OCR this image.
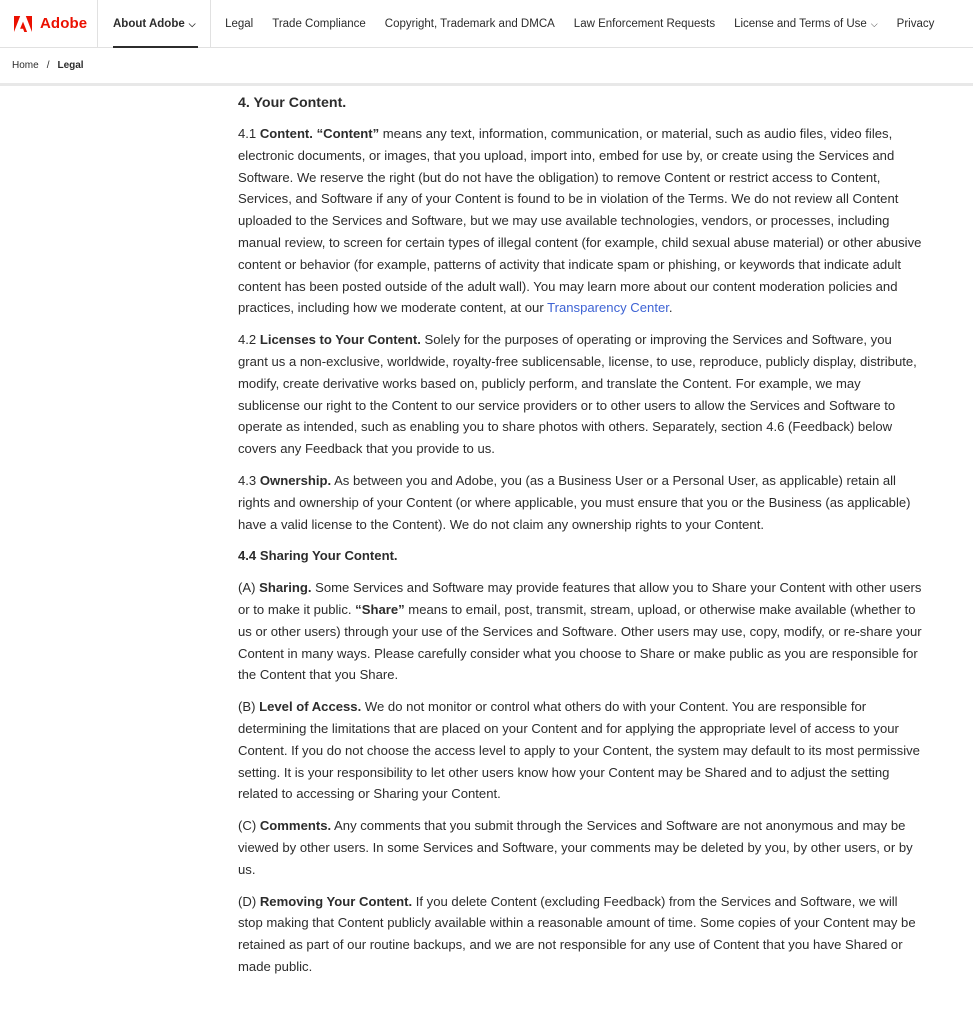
Adobe About Adobe ⌵	Legal Trade Compliance Copyright, Trademark and DMCA Law Enforcement Requests License and Terms of Use ⌵ Privacy
Home / Legal
4. Your Content.

4.1 Content. “Content” means any text, information, communication, or material, such as audio files, video files, electronic documents, or images, that you upload, import into, embed for use by, or create using the Services and Software. We reserve the right (but do not have the obligation) to remove Content or restrict access to Content, Services, and Software if any of your Content is found to be in violation of the Terms. We do not review all Content uploaded to the Services and Software, but we may use available technologies, vendors, or processes, including manual review, to screen for certain types of illegal content (for example, child sexual abuse material) or other abusive content or behavior (for example, patterns of activity that indicate spam or phishing, or keywords that indicate adult content has been posted outside of the adult wall). You may learn more about our content moderation policies and practices, including how we moderate content, at our Transparency Center.

4.2 Licenses to Your Content. Solely for the purposes of operating or improving the Services and Software, you grant us a non-exclusive, worldwide, royalty-free sublicensable, license, to use, reproduce, publicly display, distribute, modify, create derivative works based on, publicly perform, and translate the Content. For example, we may sublicense our right to the Content to our service providers or to other users to allow the Services and Software to operate as intended, such as enabling you to share photos with others. Separately, section 4.6 (Feedback) below covers any Feedback that you provide to us.

4.3 Ownership. As between you and Adobe, you (as a Business User or a Personal User, as applicable) retain all rights and ownership of your Content (or where applicable, you must ensure that you or the Business (as applicable) have a valid license to the Content). We do not claim any ownership rights to your Content.

4.4 Sharing Your Content.

(A) Sharing. Some Services and Software may provide features that allow you to Share your Content with other users or to make it public. “Share” means to email, post, transmit, stream, upload, or otherwise make available (whether to us or other users) through your use of the Services and Software. Other users may use, copy, modify, or re-share your Content in many ways. Please carefully consider what you choose to Share or make public as you are responsible for the Content that you Share.

(B) Level of Access. We do not monitor or control what others do with your Content. You are responsible for determining the limitations that are placed on your Content and for applying the appropriate level of access to your Content. If you do not choose the access level to apply to your Content, the system may default to its most permissive setting. It is your responsibility to let other users know how your Content may be Shared and to adjust the setting related to accessing or Sharing your Content.

(C) Comments. Any comments that you submit through the Services and Software are not anonymous and may be viewed by other users. In some Services and Software, your comments may be deleted by you, by other users, or by us.

(D) Removing Your Content. If you delete Content (excluding Feedback) from the Services and Software, we will stop making that Content publicly available within a reasonable amount of time. Some copies of your Content may be retained as part of our routine backups, and we are not responsible for any use of Content that you have Shared or made public.
